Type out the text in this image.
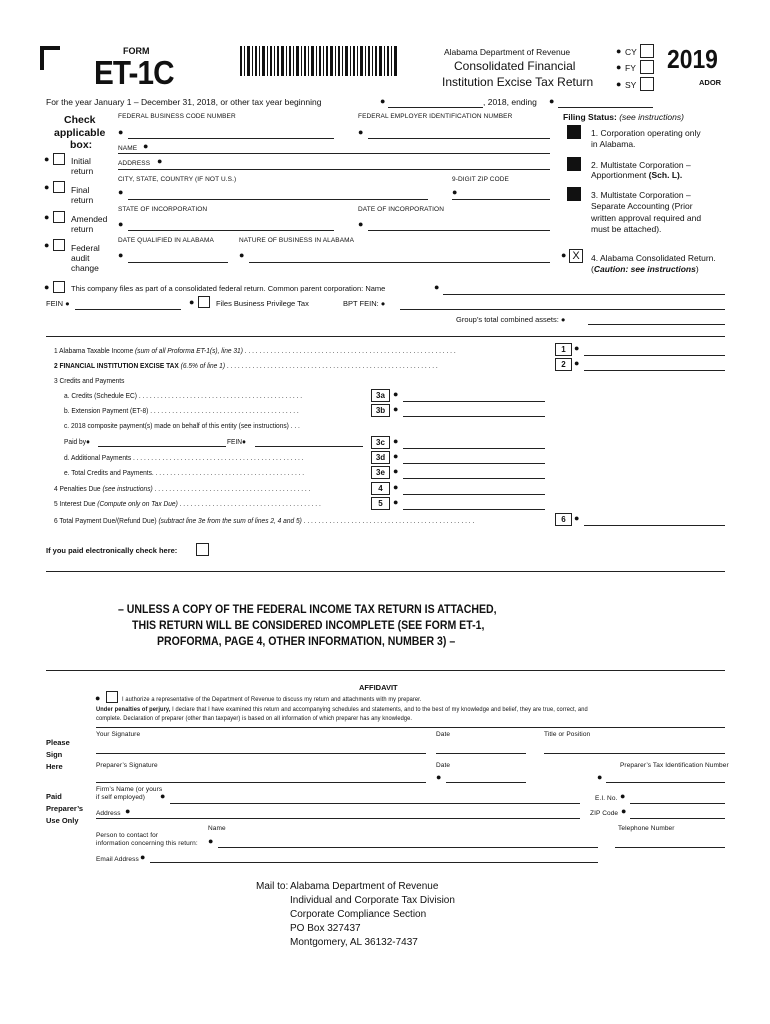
FORM
ET-1C
Alabama Department of Revenue
Consolidated Financial
Institution Excise Tax Return
● CY
● FY
● SY
2019
ADOR
For the year January 1 – December 31, 2018, or other tax year beginning	●	, 2018, ending ●
Check
applicable
box:
●	Initial
return
●	Final
return
●	Amended
return
●	Federal
audit
change
FEDERAL BUSINESS CODE NUMBER
●
FEDERAL EMPLOYER IDENTIFICATION NUMBER
●
NAME ●
ADDRESS ●
CITY, STATE, COUNTRY (IF NOT U.S.)	9-DIGIT ZIP CODE
●	●
STATE OF INCORPORATION	DATE OF INCORPORATION
●	●
DATE QUALIFIED IN ALABAMA	NATURE OF BUSINESS IN ALABAMA
●	●
Filing Status: (see instructions)
1. Corporation operating only
in Alabama.
2. Multistate Corporation –
Apportionment (Sch. L).
3. Multistate Corporation –
Separate Accounting (Prior
written approval required and
must be attached).
● X	4. Alabama Consolidated Return.
(Caution: see instructions)
●	This company files as part of a consolidated federal return. Common parent corporation: Name	●
FEIN ●	●	Files Business Privilege Tax	BPT FEIN: ●
Group’s total combined assets: ●
1 Alabama Taxable Income (sum of all Proforma ET-1(s), line 31) . . . . . . . . . . . . . . . . . . . . . . . . . . . . . . . . . . . . . . . . . . . . . . . . . . . . . . . . . .	1 ●
2 FINANCIAL INSTITUTION EXCISE TAX (6.5% of line 1) . . . . . . . . . . . . . . . . . . . . . . . . . . . . . . . . . . . . . . . . . . . . . . . . . . . . . . . . . .	2 ●
3 Credits and Payments
a. Credits (Schedule EC) . . . . . . . . . . . . . . . . . . . . . . . . . . . . . . . . . . . . . . . . . . . . .	3a ●
b. Extension Payment (ET-8) . . . . . . . . . . . . . . . . . . . . . . . . . . . . . . . . . . . . . . . . .	3b ●
c. 2018 composite payment(s) made on behalf of this entity (see instructions) . . .
Paid by●	FEIN●	3c ●
d. Additional Payments . . . . . . . . . . . . . . . . . . . . . . . . . . . . . . . . . . . . . . . . . . . . . . .	3d ●
e. Total Credits and Payments. . . . . . . . . . . . . . . . . . . . . . . . . . . . . . . . . . . . . . . . . .	3e ●
4 Penalties Due (see instructions) . . . . . . . . . . . . . . . . . . . . . . . . . . . . . . . . . . . . . . . . . . .	4	●
5 Interest Due (Compute only on Tax Due) . . . . . . . . . . . . . . . . . . . . . . . . . . . . . . . . . . . . . . .	5	●
6 Total Payment Due/(Refund Due) (subtract line 3e from the sum of lines 2, 4 and 5) . . . . . . . . . . . . . . . . . . . . . . . . . . . . . . . . . . . . . . . . . . . . . . .	6 ●
If you paid electronically check here:
– UNLESS A COPY OF THE FEDERAL INCOME TAX RETURN IS ATTACHED,
THIS RETURN WILL BE CONSIDERED INCOMPLETE (SEE FORM ET-1,
PROFORMA, PAGE 4, OTHER INFORMATION, NUMBER 3) –
AFFIDAVIT
●	I authorize a representative of the Department of Revenue to discuss my return and attachments with my preparer.
Under penalties of perjury, I declare that I have examined this return and accompanying schedules and statements, and to the best of my knowledge and belief, they are true, correct, and
complete. Declaration of preparer (other than taxpayer) is based on all information of which preparer has any knowledge.
Please
Sign
Here
Your Signature	Date	Title or Position
Preparer’s Signature	Date	Preparer’s Tax Identification Number
●	●
Paid
Preparer’s
Use Only
Firm’s Name (or yours
if self employed) ●	E.I. No. ●
Address ●	ZIP Code ●
Name	Telephone Number
Person to contact for
information concerning this return: ●
Email Address ●
Mail to: Alabama Department of Revenue
Individual and Corporate Tax Division
Corporate Compliance Section
PO Box 327437
Montgomery, AL 36132-7437
